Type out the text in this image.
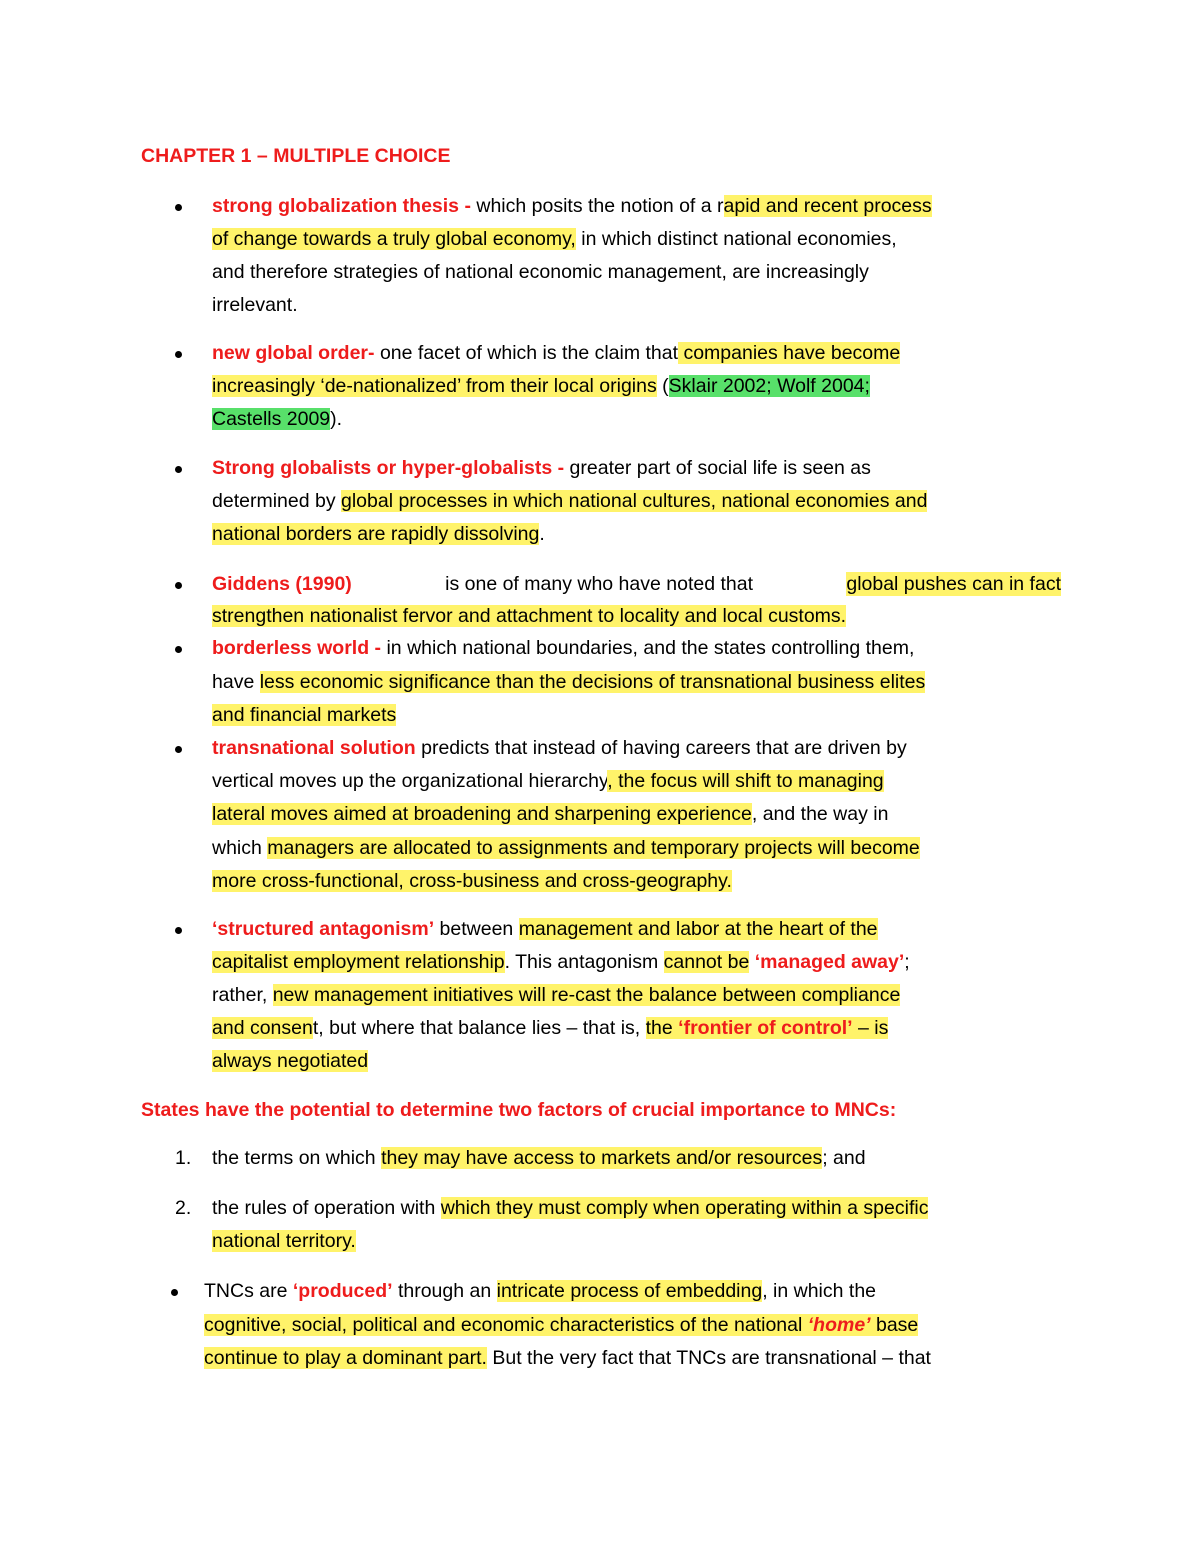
CHAPTER 1 – MULTIPLE CHOICE
strong globalization thesis - which posits the notion of a rapid and recent process
of change towards a truly global economy, in which distinct national economies,
and therefore strategies of national economic management, are increasingly
irrelevant.
new global order- one facet of which is the claim that companies have become
increasingly ‘de-nationalized’ from their local origins (Sklair 2002; Wolf 2004;
Castells 2009).
Strong globalists or hyper-globalists - greater part of social life is seen as
determined by global processes in which national cultures, national economies and
national borders are rapidly dissolving.
Giddens (1990)	is one of many who have noted that	global pushes can in fact
strengthen nationalist fervor and attachment to locality and local customs.
borderless world - in which national boundaries, and the states controlling them,
have less economic significance than the decisions of transnational business elites
and financial markets
transnational solution predicts that instead of having careers that are driven by
vertical moves up the organizational hierarchy, the focus will shift to managing
lateral moves aimed at broadening and sharpening experience, and the way in
which managers are allocated to assignments and temporary projects will become
more cross-functional, cross-business and cross-geography.
‘structured antagonism’ between management and labor at the heart of the
capitalist employment relationship. This antagonism cannot be ‘managed away’;
rather, new management initiatives will re-cast the balance between compliance
and consent, but where that balance lies – that is, the ‘frontier of control’ – is
always negotiated
States have the potential to determine two factors of crucial importance to MNCs:
1. the terms on which they may have access to markets and/or resources; and
2. the rules of operation with which they must comply when operating within a specific
national territory.
TNCs are ‘produced’ through an intricate process of embedding, in which the
cognitive, social, political and economic characteristics of the national ‘home’ base
continue to play a dominant part. But the very fact that TNCs are transnational – that
